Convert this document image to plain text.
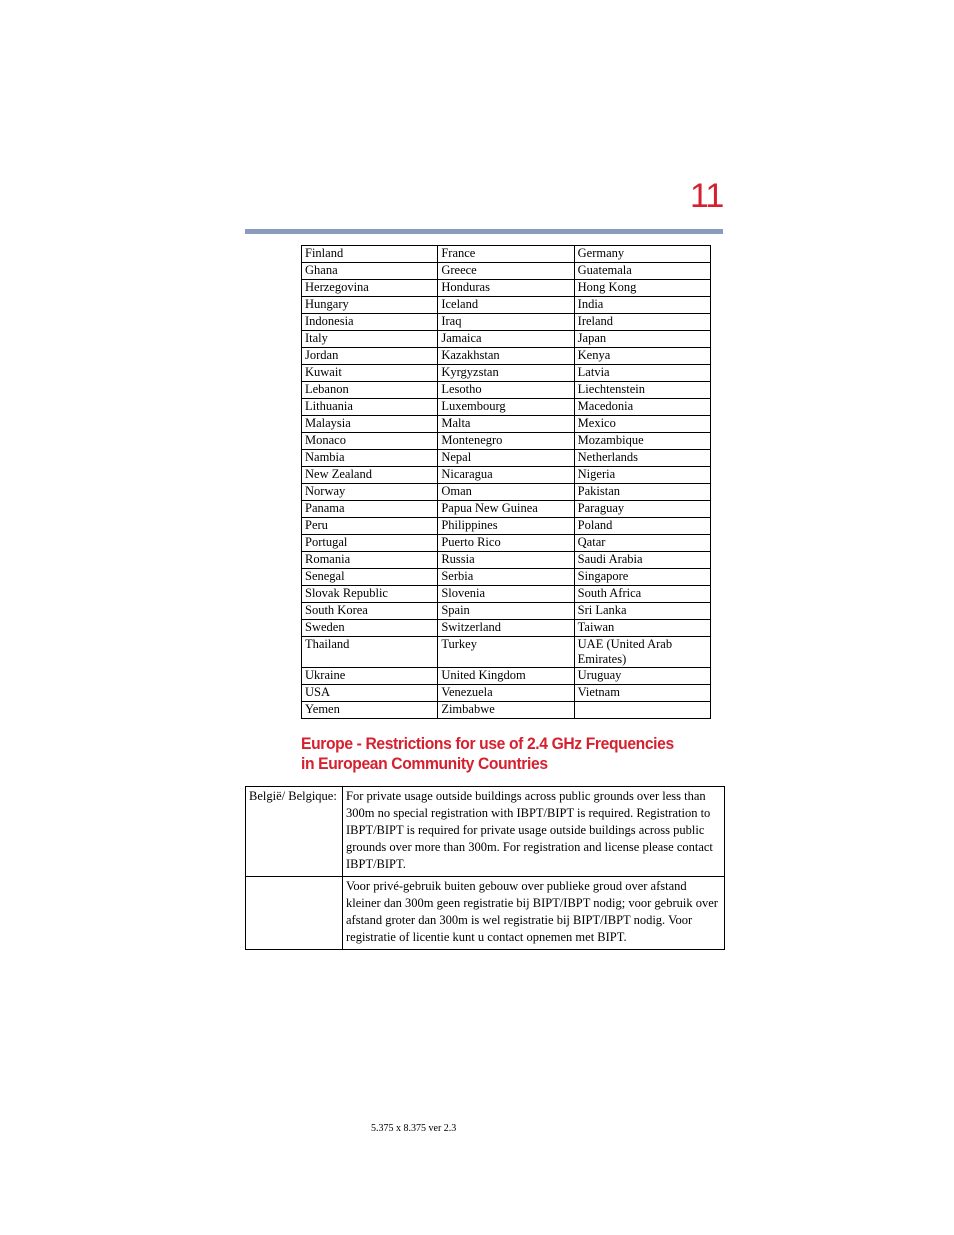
11
Finland	France	Germany
Ghana	Greece	Guatemala
Herzegovina	Honduras	Hong Kong
Hungary	Iceland	India
Indonesia	Iraq	Ireland
Italy	Jamaica	Japan
Jordan	Kazakhstan	Kenya
Kuwait	Kyrgyzstan	Latvia
Lebanon	Lesotho	Liechtenstein
Lithuania	Luxembourg	Macedonia
Malaysia	Malta	Mexico
Monaco	Montenegro	Mozambique
Nambia	Nepal	Netherlands
New Zealand	Nicaragua	Nigeria
Norway	Oman	Pakistan
Panama	Papua New Guinea	Paraguay
Peru	Philippines	Poland
Portugal	Puerto Rico	Qatar
Romania	Russia	Saudi Arabia
Senegal	Serbia	Singapore
Slovak Republic	Slovenia	South Africa
South Korea	Spain	Sri Lanka
Sweden	Switzerland	Taiwan
Thailand	Turkey	UAE (United Arab Emirates)
Ukraine	United Kingdom	Uruguay
USA	Venezuela	Vietnam
Yemen	Zimbabwe	
Europe - Restrictions for use of 2.4 GHz Frequencies in European Community Countries
België/ Belgique:	For private usage outside buildings across public grounds over less than 300m no special registration with IBPT/BIPT is required. Registration to IBPT/BIPT is required for private usage outside buildings across public grounds over more than 300m. For registration and license please contact IBPT/BIPT.
	Voor privé-gebruik buiten gebouw over publieke groud over afstand kleiner dan 300m geen registratie bij BIPT/IBPT nodig; voor gebruik over afstand groter dan 300m is wel registratie bij BIPT/IBPT nodig. Voor registratie of licentie kunt u contact opnemen met BIPT.
5.375 x 8.375 ver 2.3
